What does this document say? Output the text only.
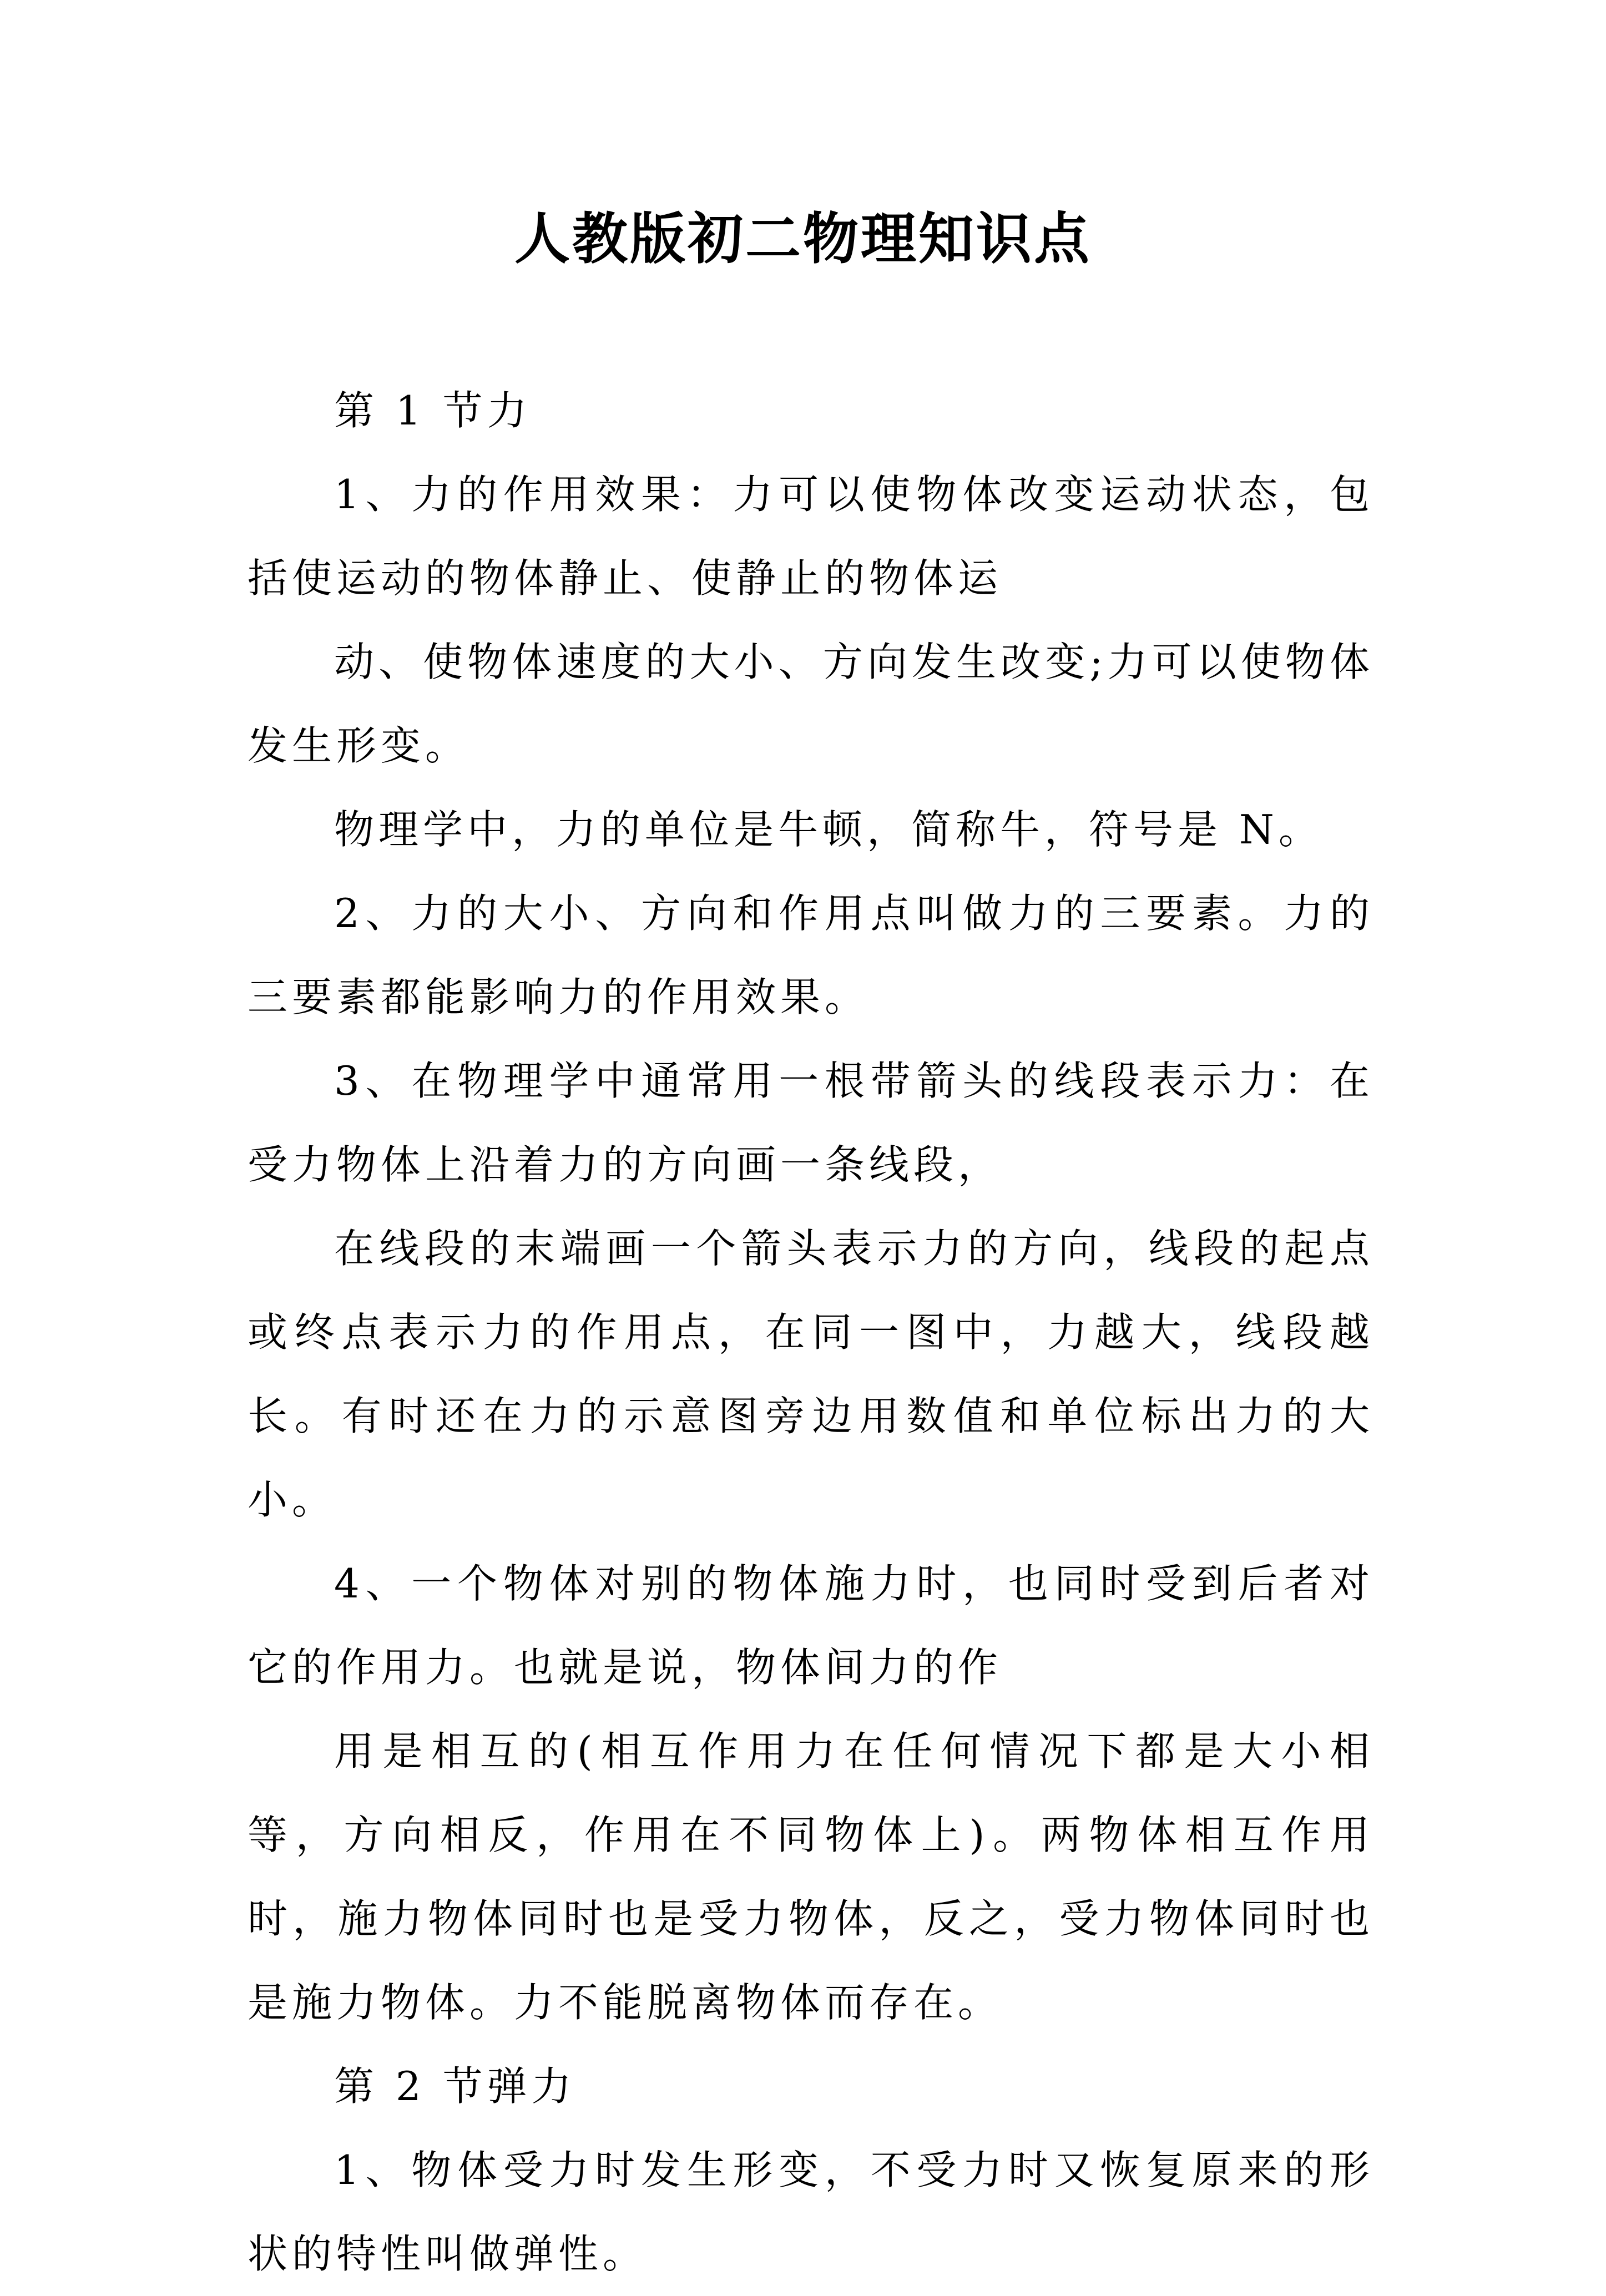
人教版初二物理知识点

第 1 节力

1、力的作用效果：力可以使物体改变运动状态，包括使运动的物体静止、使静止的物体运

动、使物体速度的大小、方向发生改变;力可以使物体发生形变。

物理学中，力的单位是牛顿，简称牛，符号是 N。

2、力的大小、方向和作用点叫做力的三要素。力的三要素都能影响力的作用效果。

3、在物理学中通常用一根带箭头的线段表示力：在受力物体上沿着力的方向画一条线段，

在线段的末端画一个箭头表示力的方向，线段的起点或终点表示力的作用点，在同一图中，力越大，线段越长。有时还在力的示意图旁边用数值和单位标出力的大小。

4、一个物体对别的物体施力时，也同时受到后者对它的作用力。也就是说，物体间力的作

用是相互的(相互作用力在任何情况下都是大小相等，方向相反，作用在不同物体上)。两物体相互作用时，施力物体同时也是受力物体，反之，受力物体同时也是施力物体。力不能脱离物体而存在。

第 2 节弹力

1、物体受力时发生形变，不受力时又恢复原来的形状的特性叫做弹性。
